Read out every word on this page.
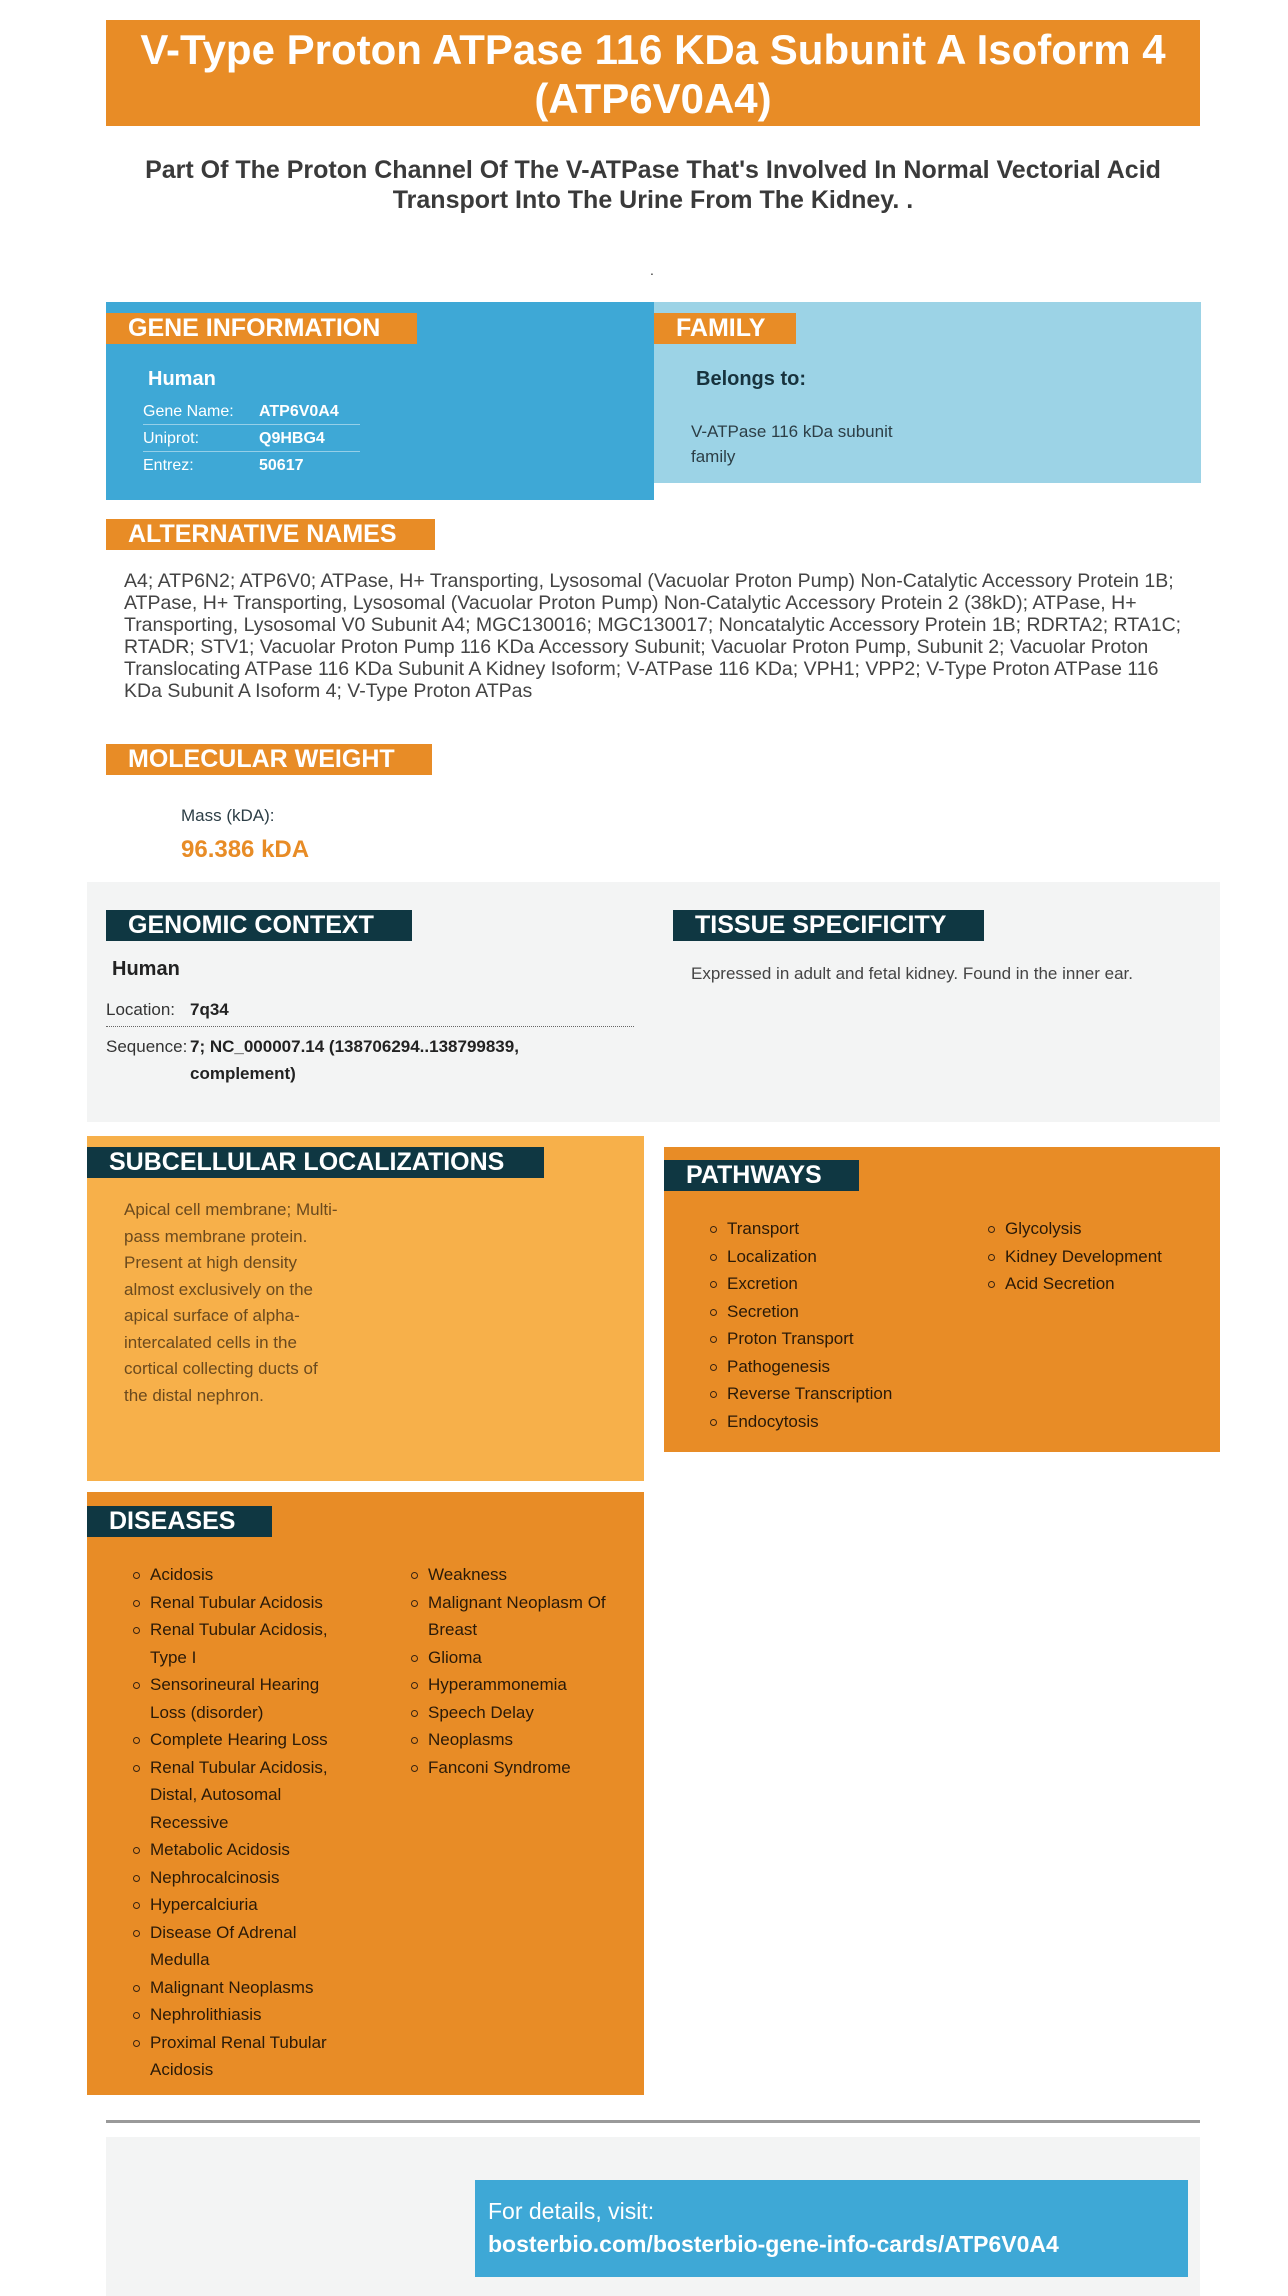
V-Type Proton ATPase 116 KDa Subunit A Isoform 4 (ATP6V0A4)
Part Of The Proton Channel Of The V-ATPase That's Involved In Normal Vectorial Acid Transport Into The Urine From The Kidney. .
.
GENE INFORMATION
Human
Gene Name:	ATP6V0A4
Uniprot:	Q9HBG4
Entrez:	50617
FAMILY
Belongs to:
V-ATPase 116 kDa subunit family
ALTERNATIVE NAMES
A4; ATP6N2; ATP6V0; ATPase, H+ Transporting, Lysosomal (Vacuolar Proton Pump) Non-Catalytic Accessory Protein 1B; ATPase, H+ Transporting, Lysosomal (Vacuolar Proton Pump) Non-Catalytic Accessory Protein 2 (38kD); ATPase, H+ Transporting, Lysosomal V0 Subunit A4; MGC130016; MGC130017; Noncatalytic Accessory Protein 1B; RDRTA2; RTA1C; RTADR; STV1; Vacuolar Proton Pump 116 KDa Accessory Subunit; Vacuolar Proton Pump, Subunit 2; Vacuolar Proton Translocating ATPase 116 KDa Subunit A Kidney Isoform; V-ATPase 116 KDa; VPH1; VPP2; V-Type Proton ATPase 116 KDa Subunit A Isoform 4; V-Type Proton ATPas
MOLECULAR WEIGHT
Mass (kDA):
96.386 kDA
GENOMIC CONTEXT
Human
Location: 7q34
Sequence: 7; NC_000007.14 (138706294..138799839, complement)
TISSUE SPECIFICITY
Expressed in adult and fetal kidney. Found in the inner ear.
SUBCELLULAR LOCALIZATIONS
Apical cell membrane; Multi-pass membrane protein. Present at high density almost exclusively on the apical surface of alpha-intercalated cells in the cortical collecting ducts of the distal nephron.
PATHWAYS
Transport
Localization
Excretion
Secretion
Proton Transport
Pathogenesis
Reverse Transcription
Endocytosis
Glycolysis
Kidney Development
Acid Secretion
DISEASES
Acidosis
Renal Tubular Acidosis
Renal Tubular Acidosis, Type I
Sensorineural Hearing Loss (disorder)
Complete Hearing Loss
Renal Tubular Acidosis, Distal, Autosomal Recessive
Metabolic Acidosis
Nephrocalcinosis
Hypercalciuria
Disease Of Adrenal Medulla
Malignant Neoplasms
Nephrolithiasis
Proximal Renal Tubular Acidosis
Weakness
Malignant Neoplasm Of Breast
Glioma
Hyperammonemia
Speech Delay
Neoplasms
Fanconi Syndrome
For details, visit:
bosterbio.com/bosterbio-gene-info-cards/ATP6V0A4
